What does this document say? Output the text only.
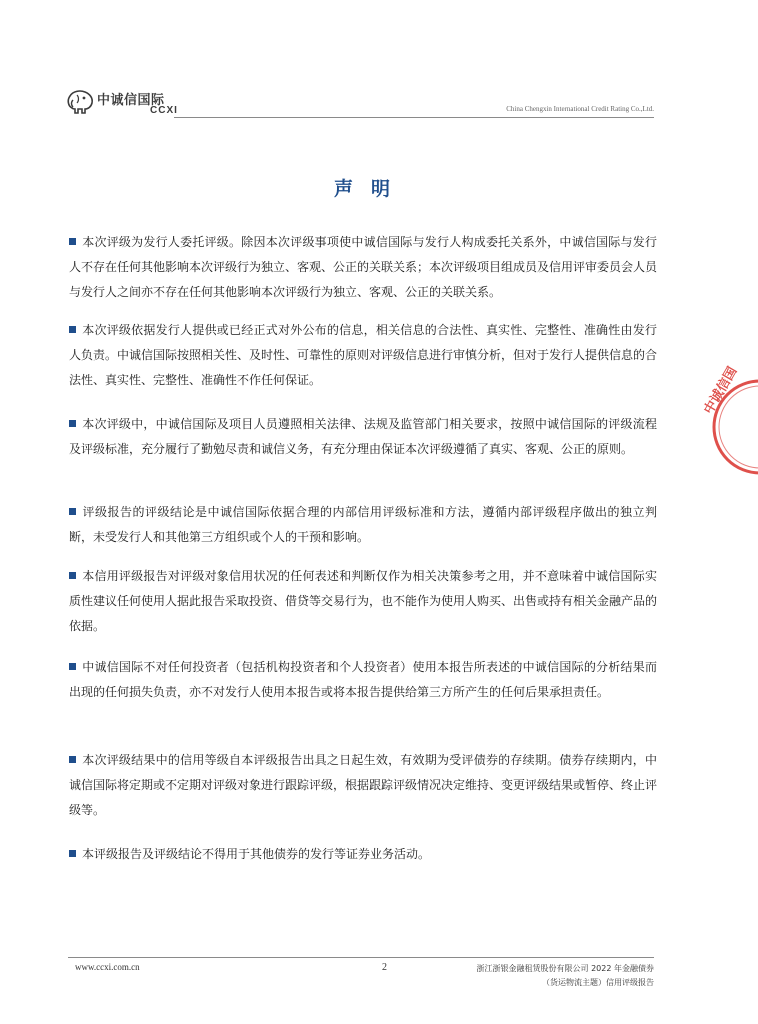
中诚信国际
CCXI	China Chengxin International Credit Rating Co.,Ltd.
声明

本次评级为发行人委托评级。除因本次评级事项使中诚信国际与发行人构成委托关系外，中诚信国际与发行人不存在任何其他影响本次评级行为独立、客观、公正的关联关系；本次评级项目组成员及信用评审委员会人员与发行人之间亦不存在任何其他影响本次评级行为独立、客观、公正的关联关系。

本次评级依据发行人提供或已经正式对外公布的信息，相关信息的合法性、真实性、完整性、准确性由发行人负责。中诚信国际按照相关性、及时性、可靠性的原则对评级信息进行审慎分析，但对于发行人提供信息的合法性、真实性、完整性、准确性不作任何保证。

本次评级中，中诚信国际及项目人员遵照相关法律、法规及监管部门相关要求，按照中诚信国际的评级流程及评级标准，充分履行了勤勉尽责和诚信义务，有充分理由保证本次评级遵循了真实、客观、公正的原则。

评级报告的评级结论是中诚信国际依据合理的内部信用评级标准和方法，遵循内部评级程序做出的独立判断，未受发行人和其他第三方组织或个人的干预和影响。

本信用评级报告对评级对象信用状况的任何表述和判断仅作为相关决策参考之用，并不意味着中诚信国际实质性建议任何使用人据此报告采取投资、借贷等交易行为，也不能作为使用人购买、出售或持有相关金融产品的依据。

中诚信国际不对任何投资者（包括机构投资者和个人投资者）使用本报告所表述的中诚信国际的分析结果而出现的任何损失负责，亦不对发行人使用本报告或将本报告提供给第三方所产生的任何后果承担责任。

本次评级结果中的信用等级自本评级报告出具之日起生效，有效期为受评债券的存续期。债券存续期内，中诚信国际将定期或不定期对评级对象进行跟踪评级，根据跟踪评级情况决定维持、变更评级结果或暂停、终止评级等。

本评级报告及评级结论不得用于其他债券的发行等证券业务活动。

中诚信国
www.ccxi.com.cn	2	浙江浙银金融租赁股份有限公司 2022 年金融债券
（货运物流主题）信用评级报告
